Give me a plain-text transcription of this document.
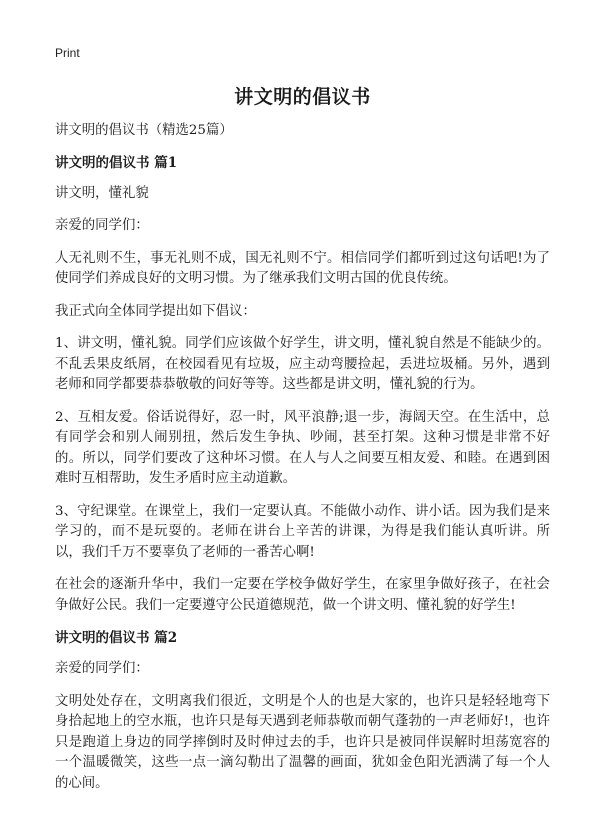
Print
讲文明的倡议书

讲文明的倡议书（精选25篇）

讲文明的倡议书 篇1

讲文明，懂礼貌

亲爱的同学们：

人无礼则不生，事无礼则不成，国无礼则不宁。相信同学们都听到过这句话吧!为了使同学们养成良好的文明习惯。为了继承我们文明古国的优良传统。

我正式向全体同学提出如下倡议：

1、讲文明，懂礼貌。同学们应该做个好学生，讲文明，懂礼貌自然是不能缺少的。不乱丢果皮纸屑，在校园看见有垃圾，应主动弯腰捡起，丢进垃圾桶。另外，遇到老师和同学都要恭恭敬敬的问好等等。这些都是讲文明，懂礼貌的行为。

2、互相友爱。俗话说得好，忍一时，风平浪静;退一步，海阔天空。在生活中，总有同学会和别人闹别扭，然后发生争执、吵闹，甚至打架。这种习惯是非常不好的。所以，同学们要改了这种坏习惯。在人与人之间要互相友爱、和睦。在遇到困难时互相帮助，发生矛盾时应主动道歉。

3、守纪课堂。在课堂上，我们一定要认真。不能做小动作、讲小话。因为我们是来学习的，而不是玩耍的。老师在讲台上辛苦的讲课，为得是我们能认真听讲。所以，我们千万不要辜负了老师的一番苦心啊!

在社会的逐渐升华中，我们一定要在学校争做好学生，在家里争做好孩子，在社会争做好公民。我们一定要遵守公民道德规范，做一个讲文明、懂礼貌的好学生!

讲文明的倡议书 篇2

亲爱的同学们：

文明处处存在，文明离我们很近，文明是个人的也是大家的，也许只是轻轻地弯下身拾起地上的空水瓶，也许只是每天遇到老师恭敬而朝气蓬勃的一声老师好!，也许只是跑道上身边的同学摔倒时及时伸过去的手，也许只是被同伴误解时坦荡宽容的一个温暖微笑，这些一点一滴勾勒出了温馨的画面，犹如金色阳光洒满了每一个人的心间。
